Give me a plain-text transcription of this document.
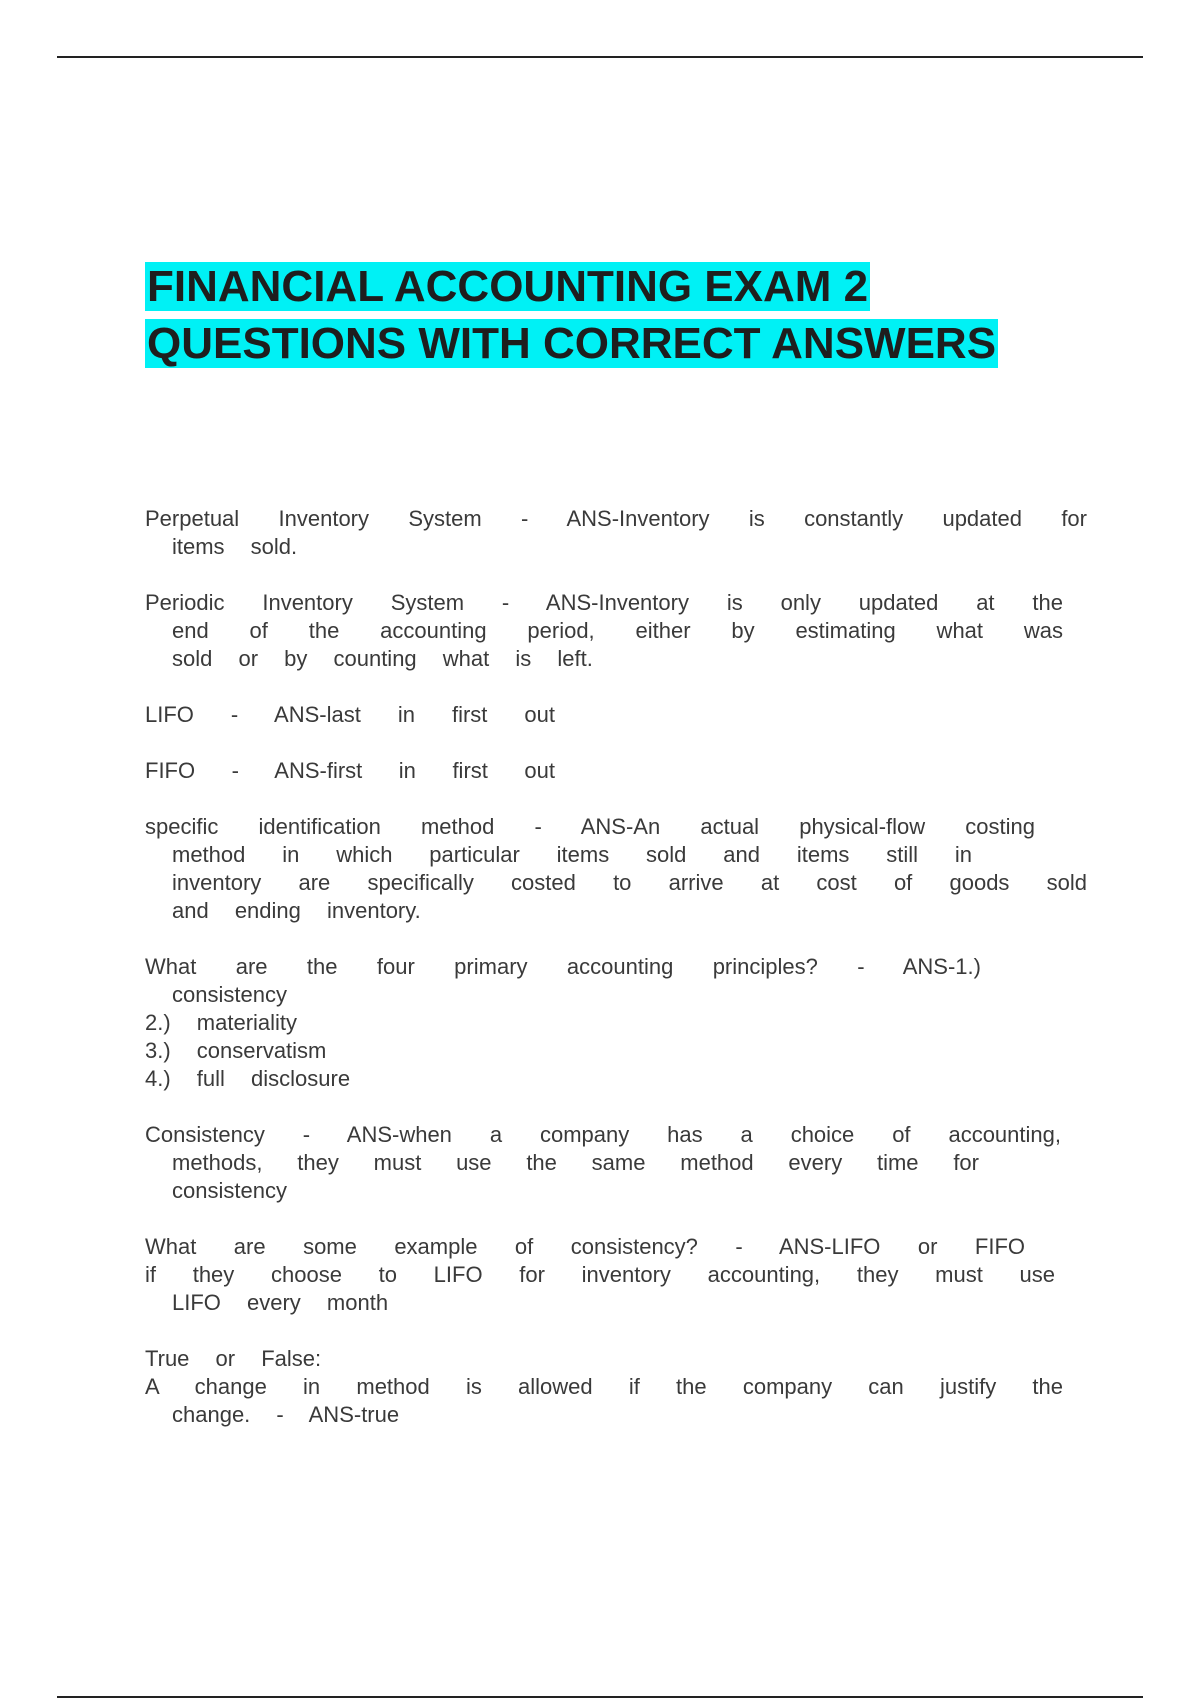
FINANCIAL ACCOUNTING EXAM 2
QUESTIONS WITH CORRECT ANSWERS
Perpetual Inventory System - ANS-Inventory is constantly updated for
items sold.
Periodic Inventory System - ANS-Inventory is only updated at the
end of the accounting period, either by estimating what was
sold or by counting what is left.
LIFO - ANS-last in first out
FIFO - ANS-first in first out
specific identification method - ANS-An actual physical-flow costing
method in which particular items sold and items still in
inventory are specifically costed to arrive at cost of goods sold
and ending inventory.
What are the four primary accounting principles? - ANS-1.)
consistency
2.) materiality
3.) conservatism
4.) full disclosure
Consistency - ANS-when a company has a choice of accounting,
methods, they must use the same method every time for
consistency
What are some example of consistency? - ANS-LIFO or FIFO
if they choose to LIFO for inventory accounting, they must use
LIFO every month
True or False:
A change in method is allowed if the company can justify the
change. - ANS-true
